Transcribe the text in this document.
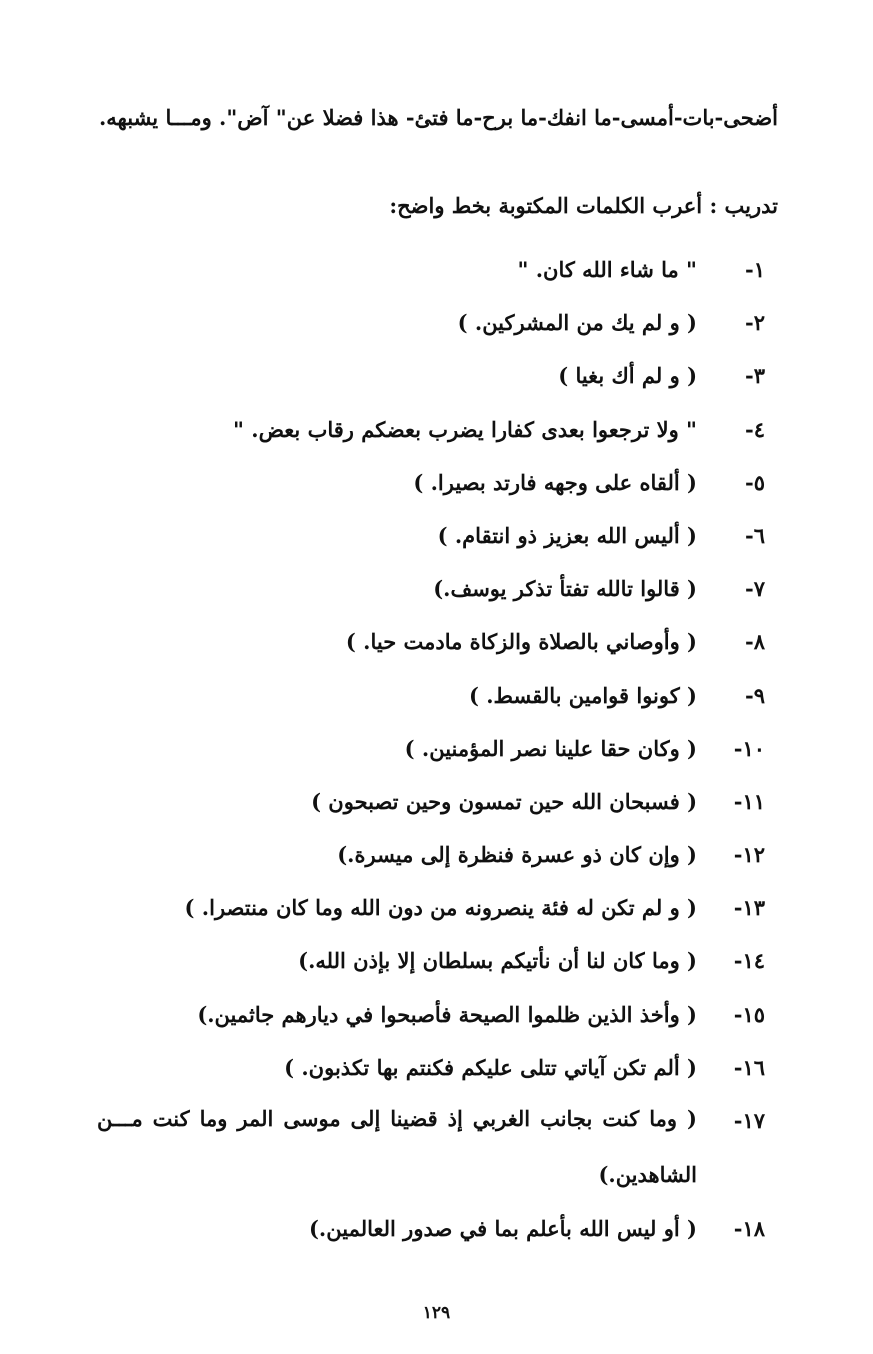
أضحى-بات-أمسى-ما انفك-ما برح-ما فتئ- هذا فضلا عن" آض". ومـــا يشبهه.
تدريب : أعرب الكلمات المكتوبة بخط واضح:
١-
" ما شاء الله كان. "
٢-
( و لم يك من المشركين. )
٣-
( و لم أك بغيا )
٤-
" ولا ترجعوا بعدى كفارا يضرب بعضكم رقاب بعض. "
٥-
( ألقاه على وجهه فارتد بصيرا. )
٦-
( أليس الله بعزيز ذو انتقام. )
٧-
( قالوا تالله تفتأ تذكر يوسف.)
٨-
( وأوصاني بالصلاة والزكاة مادمت حيا. )
٩-
( كونوا قوامين بالقسط. )
١٠-
( وكان حقا علينا نصر المؤمنين. )
١١-
( فسبحان الله حين تمسون وحين تصبحون )
١٢-
( وإن كان ذو عسرة فنظرة إلى ميسرة.)
١٣-
( و لم تكن له فئة ينصرونه من دون الله وما كان منتصرا. )
١٤-
( وما كان لنا أن نأتيكم بسلطان إلا بإذن الله.)
١٥-
( وأخذ الذين ظلموا الصيحة فأصبحوا في ديارهم جاثمين.)
١٦-
( ألم تكن آياتي تتلى عليكم فكنتم بها تكذبون. )
١٧-
( وما كنت بجانب الغربي إذ قضينا إلى موسى المر وما كنت مـــن الشاهدين.)
١٨-
( أو ليس الله بأعلم بما في صدور العالمين.)
١٢٩
